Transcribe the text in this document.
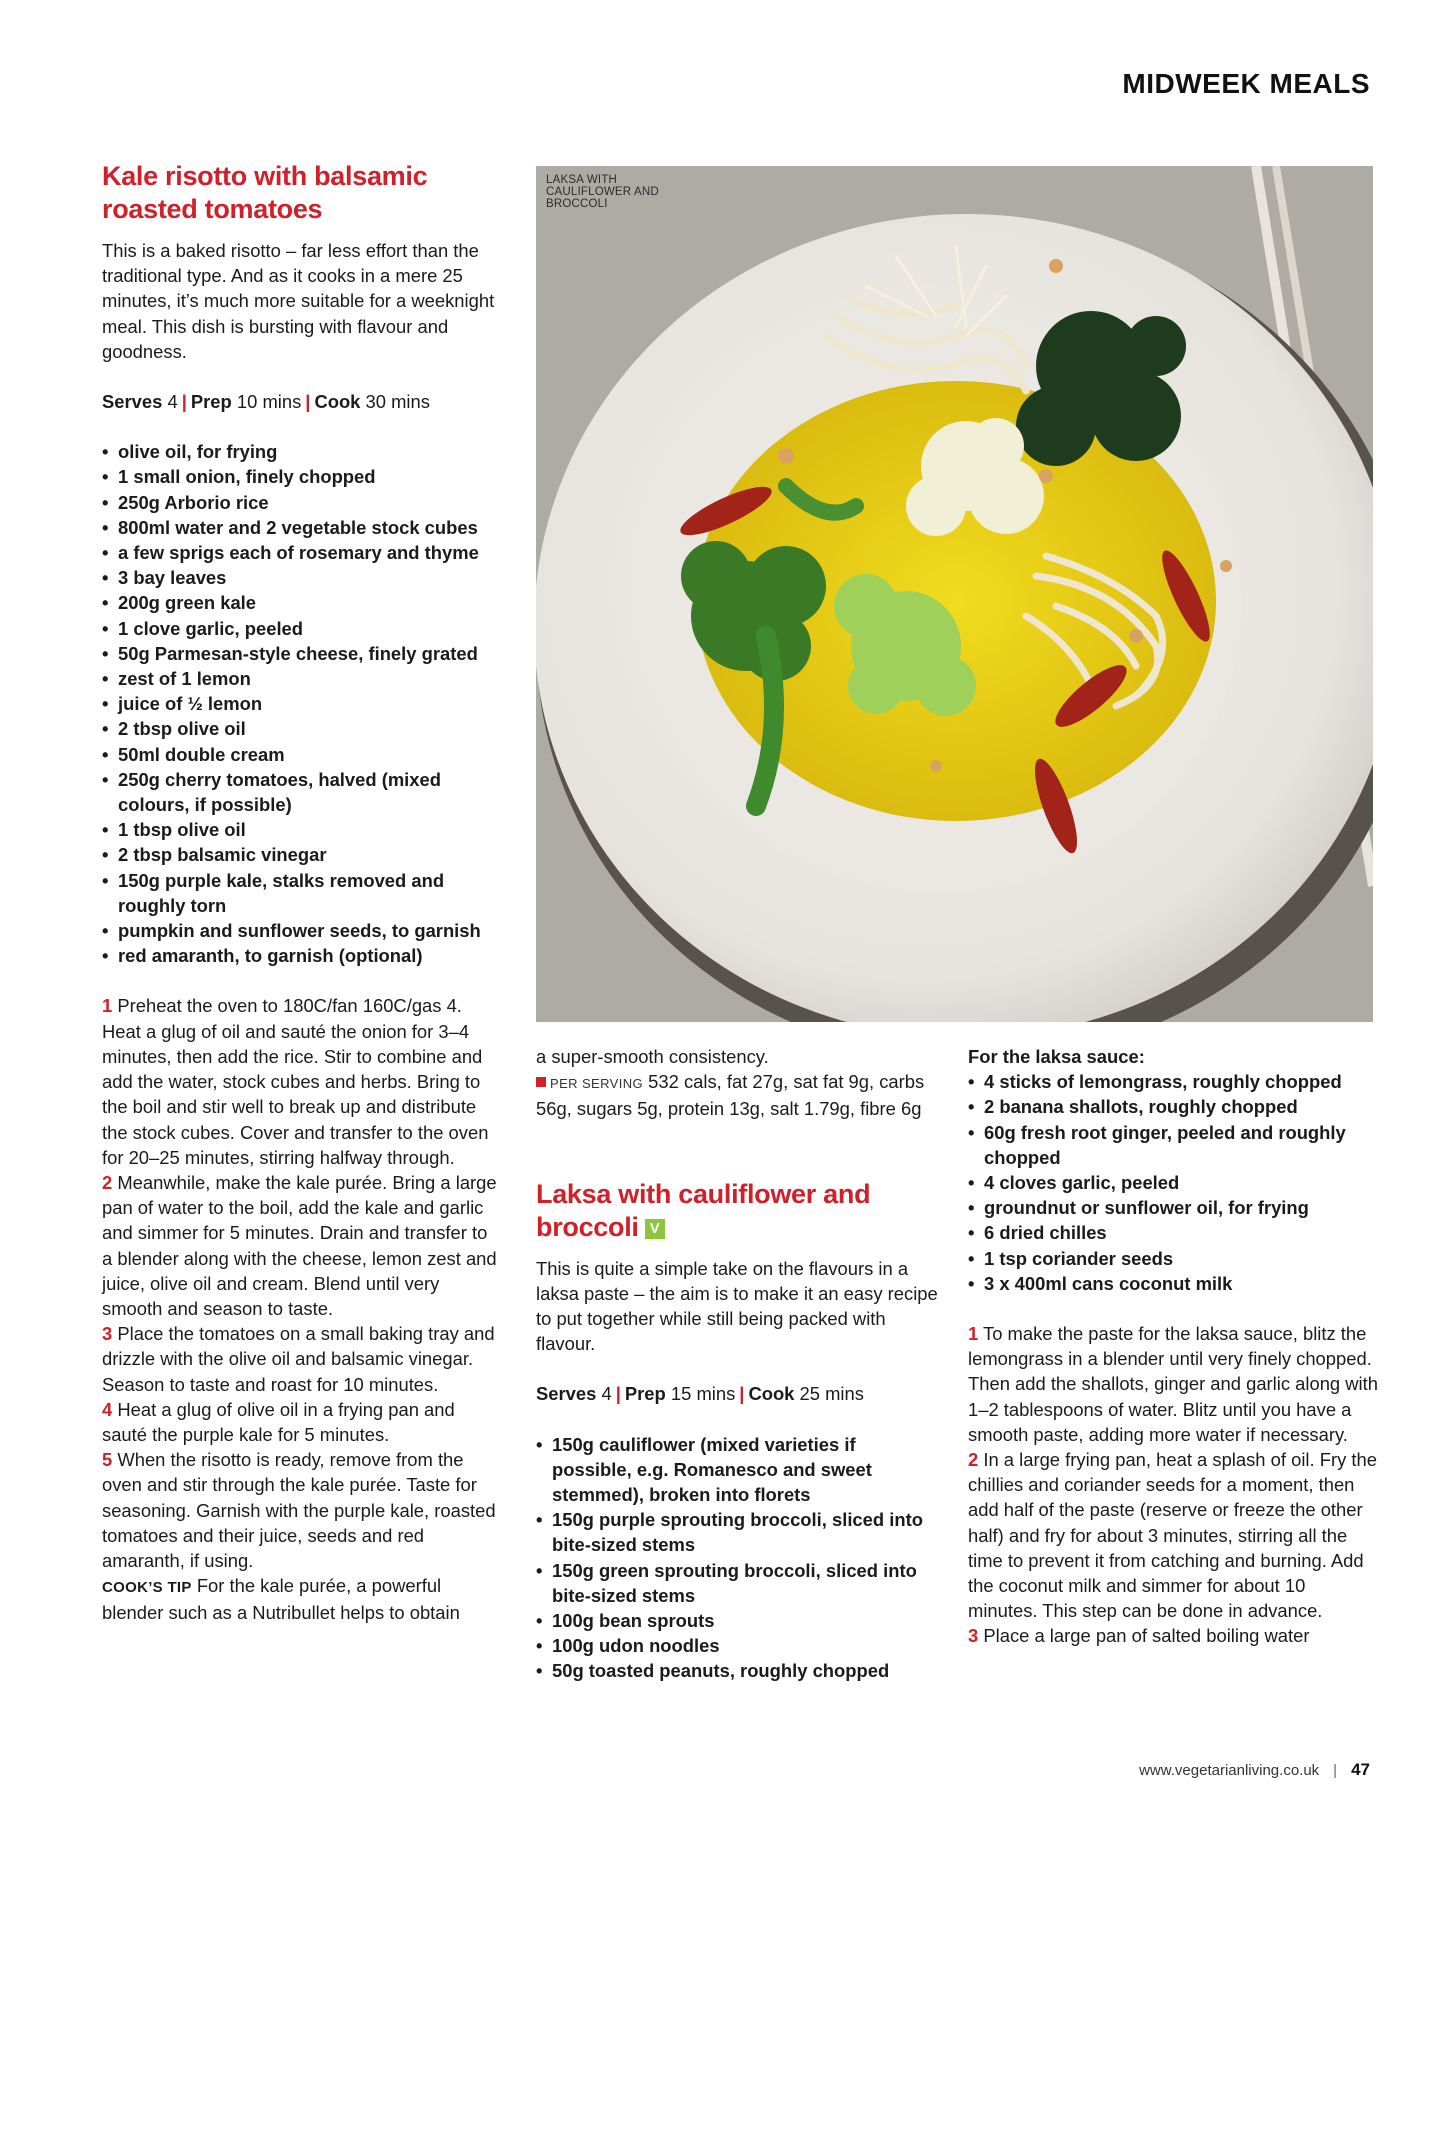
MIDWEEK MEALS
Kale risotto with balsamic roasted tomatoes

This is a baked risotto – far less effort than the traditional type. And as it cooks in a mere 25 minutes, it’s much more suitable for a weeknight meal. This dish is bursting with flavour and goodness.

Serves 4 | Prep 10 mins | Cook 30 mins

• olive oil, for frying
• 1 small onion, finely chopped
• 250g Arborio rice
• 800ml water and 2 vegetable stock cubes
• a few sprigs each of rosemary and thyme
• 3 bay leaves
• 200g green kale
• 1 clove garlic, peeled
• 50g Parmesan-style cheese, finely grated
• zest of 1 lemon
• juice of ½ lemon
• 2 tbsp olive oil
• 50ml double cream
• 250g cherry tomatoes, halved (mixed colours, if possible)
• 1 tbsp olive oil
• 2 tbsp balsamic vinegar
• 150g purple kale, stalks removed and roughly torn
• pumpkin and sunflower seeds, to garnish
• red amaranth, to garnish (optional)

1 Preheat the oven to 180C/fan 160C/gas 4. Heat a glug of oil and sauté the onion for 3–4 minutes, then add the rice. Stir to combine and add the water, stock cubes and herbs. Bring to the boil and stir well to break up and distribute the stock cubes. Cover and transfer to the oven for 20–25 minutes, stirring halfway through.

2 Meanwhile, make the kale purée. Bring a large pan of water to the boil, add the kale and garlic and simmer for 5 minutes. Drain and transfer to a blender along with the cheese, lemon zest and juice, olive oil and cream. Blend until very smooth and season to taste.

3 Place the tomatoes on a small baking tray and drizzle with the olive oil and balsamic vinegar. Season to taste and roast for 10 minutes.

4 Heat a glug of olive oil in a frying pan and sauté the purple kale for 5 minutes.

5 When the risotto is ready, remove from the oven and stir through the kale purée. Taste for seasoning. Garnish with the purple kale, roasted tomatoes and their juice, seeds and red amaranth, if using.

COOK’S TIP For the kale purée, a powerful blender such as a Nutribullet helps to obtain

LAKSA WITH CAULIFLOWER AND BROCCOLI

a super-smooth consistency.

PER SERVING 532 cals, fat 27g, sat fat 9g, carbs 56g, sugars 5g, protein 13g, salt 1.79g, fibre 6g

Laksa with cauliflower and broccoli V

This is quite a simple take on the flavours in a laksa paste – the aim is to make it an easy recipe to put together while still being packed with flavour.

Serves 4 | Prep 15 mins | Cook 25 mins

• 150g cauliflower (mixed varieties if possible, e.g. Romanesco and sweet stemmed), broken into florets
• 150g purple sprouting broccoli, sliced into bite-sized stems
• 150g green sprouting broccoli, sliced into bite-sized stems
• 100g bean sprouts
• 100g udon noodles
• 50g toasted peanuts, roughly chopped

For the laksa sauce:

• 4 sticks of lemongrass, roughly chopped
• 2 banana shallots, roughly chopped
• 60g fresh root ginger, peeled and roughly chopped
• 4 cloves garlic, peeled
• groundnut or sunflower oil, for frying
• 6 dried chilles
• 1 tsp coriander seeds
• 3 x 400ml cans coconut milk

1 To make the paste for the laksa sauce, blitz the lemongrass in a blender until very finely chopped. Then add the shallots, ginger and garlic along with 1–2 tablespoons of water. Blitz until you have a smooth paste, adding more water if necessary.

2 In a large frying pan, heat a splash of oil. Fry the chillies and coriander seeds for a moment, then add half of the paste (reserve or freeze the other half) and fry for about 3 minutes, stirring all the time to prevent it from catching and burning. Add the coconut milk and simmer for about 10 minutes. This step can be done in advance.

3 Place a large pan of salted boiling water

www.vegetarianliving.co.uk | 47
